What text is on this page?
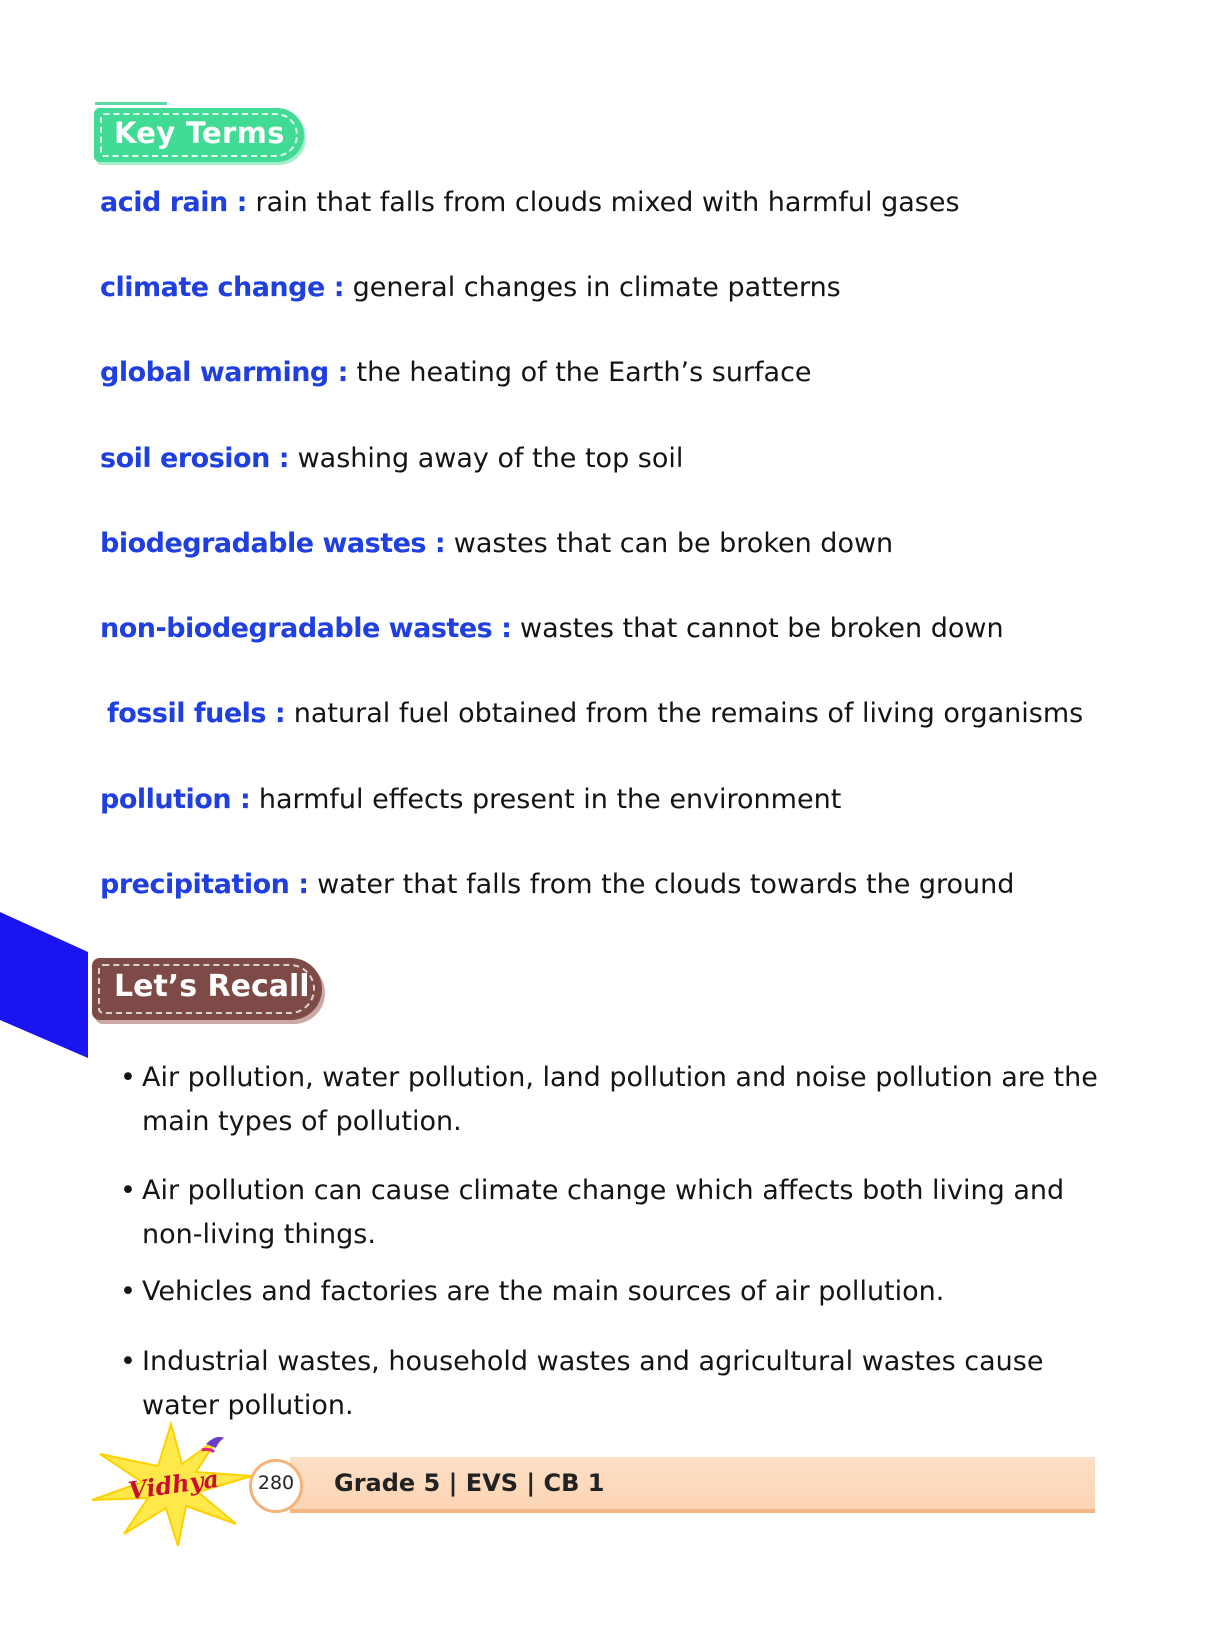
Key Terms
acid rain : rain that falls from clouds mixed with harmful gases
climate change : general changes in climate patterns
global warming : the heating of the Earth’s surface
soil erosion : washing away of the top soil
biodegradable wastes : wastes that can be broken down
non-biodegradable wastes : wastes that cannot be broken down
fossil fuels : natural fuel obtained from the remains of living organisms
pollution : harmful effects present in the environment
precipitation : water that falls from the clouds towards the ground
Let’s Recall
• Air pollution, water pollution, land pollution and noise pollution are the main types of pollution.
• Air pollution can cause climate change which affects both living and non-living things.
• Vehicles and factories are the main sources of air pollution.
• Industrial wastes, household wastes and agricultural wastes cause water pollution.
Vidhya	280	Grade 5 | EVS | CB 1
